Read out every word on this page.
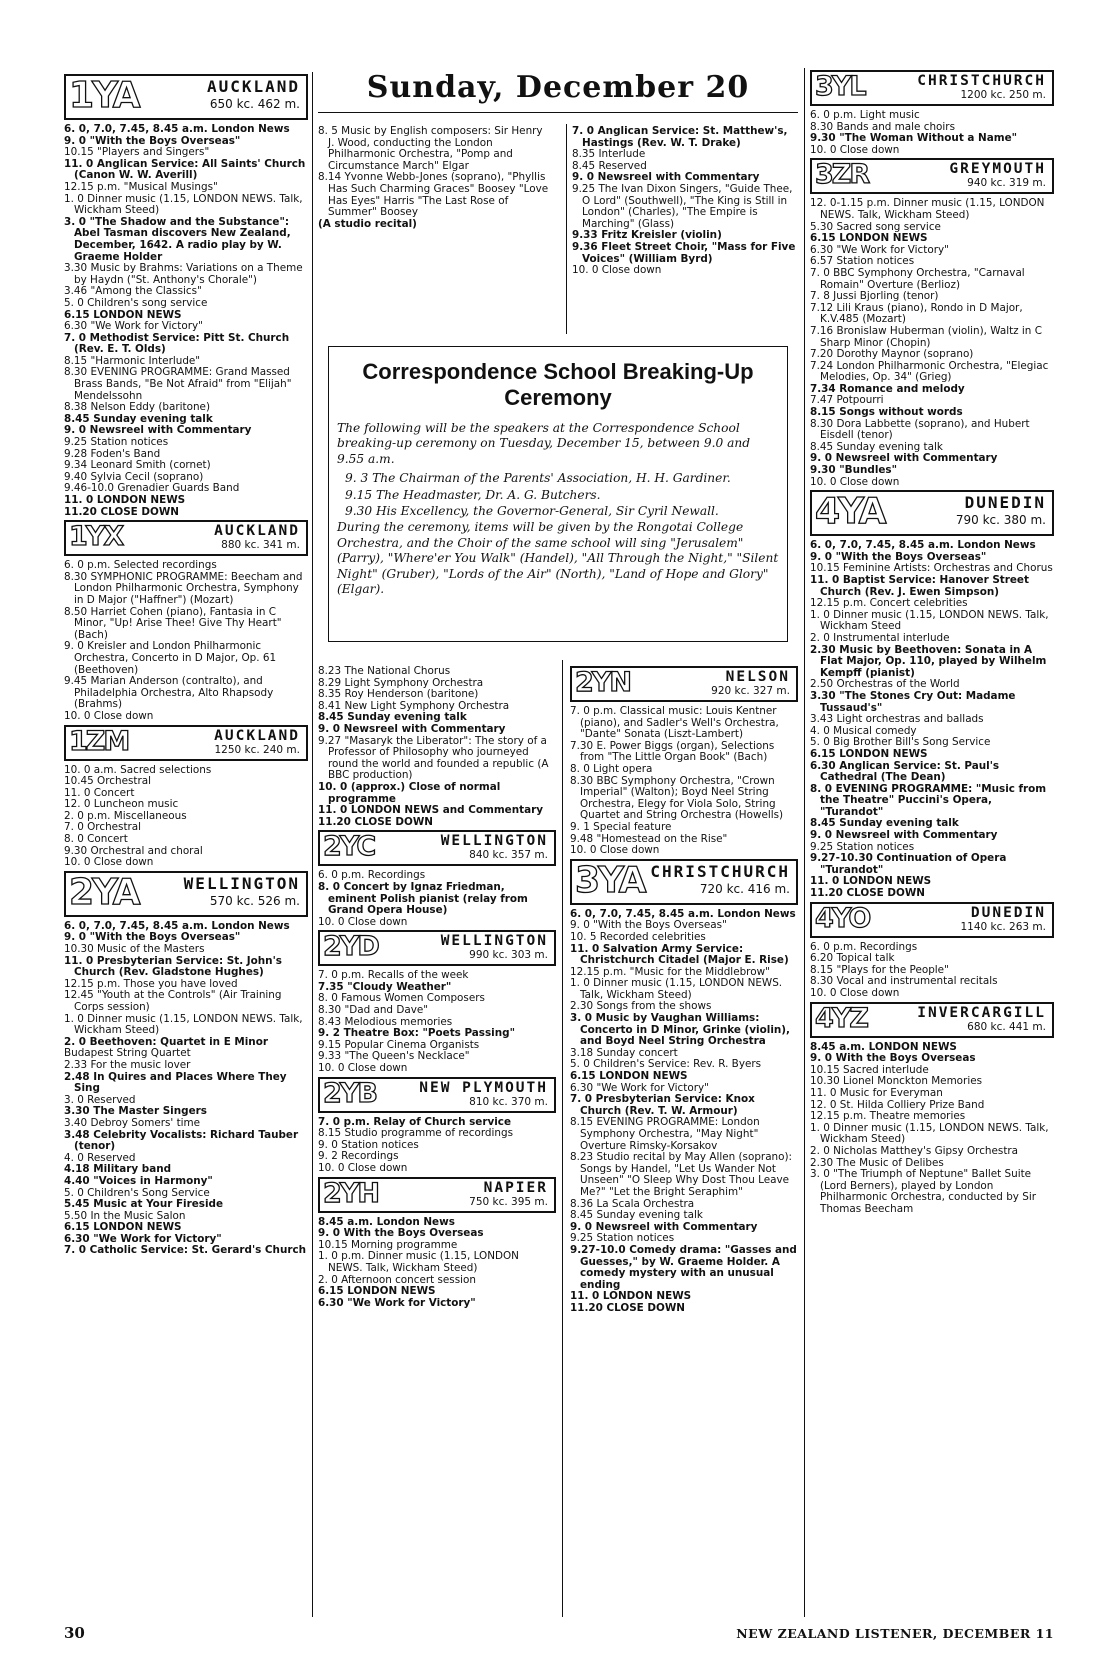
Sunday, December 20
1YA	AUCKLAND
650 kc. 462 m.

6. 0, 7.0, 7.45, 8.45 a.m. London News

9. 0 "With the Boys Overseas"

10.15 "Players and Singers"

11. 0 Anglican Service: All Saints' Church (Canon W. W. Averill)

12.15 p.m. "Musical Musings"

1. 0 Dinner music (1.15, LONDON NEWS. Talk, Wickham Steed)

3. 0 "The Shadow and the Substance": Abel Tasman discovers New Zealand, December, 1642. A radio play by W. Graeme Holder

3.30 Music by Brahms: Variations on a Theme by Haydn ("St. Anthony's Chorale")

3.46 "Among the Classics"

5. 0 Children's song service

6.15 LONDON NEWS

6.30 "We Work for Victory"

7. 0 Methodist Service: Pitt St. Church (Rev. E. T. Olds)

8.15 "Harmonic Interlude"

8.30 EVENING PROGRAMME: Grand Massed Brass Bands, "Be Not Afraid" from "Elijah" Mendelssohn

8.38 Nelson Eddy (baritone)

8.45 Sunday evening talk

9. 0 Newsreel with Commentary

9.25 Station notices

9.28 Foden's Band

9.34 Leonard Smith (cornet)

9.40 Sylvia Cecil (soprano)

9.46-10.0 Grenadier Guards Band

11. 0 LONDON NEWS

11.20 CLOSE DOWN

1YX	AUCKLAND
880 kc. 341 m.

6. 0 p.m. Selected recordings

8.30 SYMPHONIC PROGRAMME: Beecham and London Philharmonic Orchestra, Symphony in D Major ("Haffner") (Mozart)

8.50 Harriet Cohen (piano), Fantasia in C Minor, "Up! Arise Thee! Give Thy Heart" (Bach)

9. 0 Kreisler and London Philharmonic Orchestra, Concerto in D Major, Op. 61 (Beethoven)

9.45 Marian Anderson (contralto), and Philadelphia Orchestra, Alto Rhapsody (Brahms)

10. 0 Close down

1ZM	AUCKLAND
1250 kc. 240 m.

10. 0 a.m. Sacred selections

10.45 Orchestral

11. 0 Concert

12. 0 Luncheon music

2. 0 p.m. Miscellaneous

7. 0 Orchestral

8. 0 Concert

9.30 Orchestral and choral

10. 0 Close down

2YA	WELLINGTON
570 kc. 526 m.

6. 0, 7.0, 7.45, 8.45 a.m. London News

9. 0 "With the Boys Overseas"

10.30 Music of the Masters

11. 0 Presbyterian Service: St. John's Church (Rev. Gladstone Hughes)

12.15 p.m. Those you have loved

12.45 "Youth at the Controls" (Air Training Corps session)

1. 0 Dinner music (1.15, LONDON NEWS. Talk, Wickham Steed)

2. 0 Beethoven: Quartet in E Minor

Budapest String Quartet

2.33 For the music lover

2.48 In Quires and Places Where They Sing

3. 0 Reserved

3.30 The Master Singers

3.40 Debroy Somers' time

3.48 Celebrity Vocalists: Richard Tauber (tenor)

4. 0 Reserved

4.18 Military band

4.40 "Voices in Harmony"

5. 0 Children's Song Service

5.45 Music at Your Fireside

5.50 In the Music Salon

6.15 LONDON NEWS

6.30 "We Work for Victory"

7. 0 Catholic Service: St. Gerard's Church

8. 5 Music by English composers: Sir Henry J. Wood, conducting the London Philharmonic Orchestra, "Pomp and Circumstance March" Elgar

8.14 Yvonne Webb-Jones (soprano), "Phyllis Has Such Charming Graces" Boosey "Love Has Eyes" Harris "The Last Rose of Summer" Boosey

(A studio recital)

7. 0 Anglican Service: St. Matthew's, Hastings (Rev. W. T. Drake)

8.35 Interlude

8.45 Reserved

9. 0 Newsreel with Commentary

9.25 The Ivan Dixon Singers, "Guide Thee, O Lord" (Southwell), "The King is Still in London" (Charles), "The Empire is Marching" (Glass)

9.33 Fritz Kreisler (violin)

9.36 Fleet Street Choir, "Mass for Five Voices" (William Byrd)

10. 0 Close down

Correspondence School Breaking-Up Ceremony

The following will be the speakers at the Correspondence School breaking-up ceremony on Tuesday, December 15, between 9.0 and 9.55 a.m.

9. 3 The Chairman of the Parents' Association, H. H. Gardiner.

9.15 The Headmaster, Dr. A. G. Butchers.

9.30 His Excellency, the Governor-General, Sir Cyril Newall.

During the ceremony, items will be given by the Rongotai College Orchestra, and the Choir of the same school will sing "Jerusalem" (Parry), "Where'er You Walk" (Handel), "All Through the Night," "Silent Night" (Gruber), "Lords of the Air" (North), "Land of Hope and Glory" (Elgar).

8.23 The National Chorus

8.29 Light Symphony Orchestra

8.35 Roy Henderson (baritone)

8.41 New Light Symphony Orchestra

8.45 Sunday evening talk

9. 0 Newsreel with Commentary

9.27 "Masaryk the Liberator": The story of a Professor of Philosophy who journeyed round the world and founded a republic (A BBC production)

10. 0 (approx.) Close of normal programme

11. 0 LONDON NEWS and Commentary

11.20 CLOSE DOWN

2YC	WELLINGTON
840 kc. 357 m.

6. 0 p.m. Recordings

8. 0 Concert by Ignaz Friedman, eminent Polish pianist (relay from Grand Opera House)

10. 0 Close down

2YD	WELLINGTON
990 kc. 303 m.

7. 0 p.m. Recalls of the week

7.35 "Cloudy Weather"

8. 0 Famous Women Composers

8.30 "Dad and Dave"

8.43 Melodious memories

9. 2 Theatre Box: "Poets Passing"

9.15 Popular Cinema Organists

9.33 "The Queen's Necklace"

10. 0 Close down

2YB	NEW PLYMOUTH
810 kc. 370 m.

7. 0 p.m. Relay of Church service

8.15 Studio programme of recordings

9. 0 Station notices

9. 2 Recordings

10. 0 Close down

2YH	NAPIER
750 kc. 395 m.

8.45 a.m. London News

9. 0 With the Boys Overseas

10.15 Morning programme

1. 0 p.m. Dinner music (1.15, LONDON NEWS. Talk, Wickham Steed)

2. 0 Afternoon concert session

6.15 LONDON NEWS

6.30 "We Work for Victory"

2YN	NELSON
920 kc. 327 m.

7. 0 p.m. Classical music: Louis Kentner (piano), and Sadler's Well's Orchestra, "Dante" Sonata (Liszt-Lambert)

7.30 E. Power Biggs (organ), Selections from "The Little Organ Book" (Bach)

8. 0 Light opera

8.30 BBC Symphony Orchestra, "Crown Imperial" (Walton); Boyd Neel String Orchestra, Elegy for Viola Solo, String Quartet and String Orchestra (Howells)

9. 1 Special feature

9.48 "Homestead on the Rise"

10. 0 Close down

3YA CHRISTCHURCH
720 kc. 416 m.

6. 0, 7.0, 7.45, 8.45 a.m. London News

9. 0 "With the Boys Overseas"

10. 5 Recorded celebrities

11. 0 Salvation Army Service: Christchurch Citadel (Major E. Rise)

12.15 p.m. "Music for the Middlebrow"

1. 0 Dinner music (1.15, LONDON NEWS. Talk, Wickham Steed)

2.30 Songs from the shows

3. 0 Music by Vaughan Williams: Concerto in D Minor, Grinke (violin), and Boyd Neel String Orchestra

3.18 Sunday concert

5. 0 Children's Service: Rev. R. Byers

6.15 LONDON NEWS

6.30 "We Work for Victory"

7. 0 Presbyterian Service: Knox Church (Rev. T. W. Armour)

8.15 EVENING PROGRAMME: London Symphony Orchestra, "May Night" Overture Rimsky-Korsakov

8.23 Studio recital by May Allen (soprano): Songs by Handel, "Let Us Wander Not Unseen" "O Sleep Why Dost Thou Leave Me?" "Let the Bright Seraphim"

8.36 La Scala Orchestra

8.45 Sunday evening talk

9. 0 Newsreel with Commentary

9.25 Station notices

9.27-10.0 Comedy drama: "Gasses and Guesses," by W. Graeme Holder. A comedy mystery with an unusual ending

11. 0 LONDON NEWS

11.20 CLOSE DOWN

3YL	CHRISTCHURCH
1200 kc. 250 m.

6. 0 p.m. Light music

8.30 Bands and male choirs

9.30 "The Woman Without a Name"

10. 0 Close down

3ZR	GREYMOUTH
940 kc. 319 m.

12. 0-1.15 p.m. Dinner music (1.15, LONDON NEWS. Talk, Wickham Steed)

5.30 Sacred song service

6.15 LONDON NEWS

6.30 "We Work for Victory"

6.57 Station notices

7. 0 BBC Symphony Orchestra, "Carnaval Romain" Overture (Berlioz)

7. 8 Jussi Bjorling (tenor)

7.12 Lili Kraus (piano), Rondo in D Major, K.V.485 (Mozart)

7.16 Bronislaw Huberman (violin), Waltz in C Sharp Minor (Chopin)

7.20 Dorothy Maynor (soprano)

7.24 London Philharmonic Orchestra, "Elegiac Melodies, Op. 34" (Grieg)

7.34 Romance and melody

7.47 Potpourri

8.15 Songs without words

8.30 Dora Labbette (soprano), and Hubert Eisdell (tenor)

8.45 Sunday evening talk

9. 0 Newsreel with Commentary

9.30 "Bundles"

10. 0 Close down

4YA	DUNEDIN
790 kc. 380 m.

6. 0, 7.0, 7.45, 8.45 a.m. London News

9. 0 "With the Boys Overseas"

10.15 Feminine Artists: Orchestras and Chorus

11. 0 Baptist Service: Hanover Street Church (Rev. J. Ewen Simpson)

12.15 p.m. Concert celebrities

1. 0 Dinner music (1.15, LONDON NEWS. Talk, Wickham Steed

2. 0 Instrumental interlude

2.30 Music by Beethoven: Sonata in A Flat Major, Op. 110, played by Wilhelm Kempff (pianist)

2.50 Orchestras of the World

3.30 "The Stones Cry Out: Madame Tussaud's"

3.43 Light orchestras and ballads

4. 0 Musical comedy

5. 0 Big Brother Bill's Song Service

6.15 LONDON NEWS

6.30 Anglican Service: St. Paul's Cathedral (The Dean)

8. 0 EVENING PROGRAMME: "Music from the Theatre" Puccini's Opera, "Turandot"

8.45 Sunday evening talk

9. 0 Newsreel with Commentary

9.25 Station notices

9.27-10.30 Continuation of Opera "Turandot"

11. 0 LONDON NEWS

11.20 CLOSE DOWN

4YO	DUNEDIN
1140 kc. 263 m.

6. 0 p.m. Recordings

6.20 Topical talk

8.15 "Plays for the People"

8.30 Vocal and instrumental recitals

10. 0 Close down

4YZ	INVERCARGILL
680 kc. 441 m.

8.45 a.m. LONDON NEWS

9. 0 With the Boys Overseas

10.15 Sacred interlude

10.30 Lionel Monckton Memories

11. 0 Music for Everyman

12. 0 St. Hilda Colliery Prize Band

12.15 p.m. Theatre memories

1. 0 Dinner music (1.15, LONDON NEWS. Talk, Wickham Steed)

2. 0 Nicholas Matthey's Gipsy Orchestra

2.30 The Music of Delibes

3. 0 "The Triumph of Neptune" Ballet Suite (Lord Berners), played by London Philharmonic Orchestra, conducted by Sir Thomas Beecham

30	NEW ZEALAND LISTENER, DECEMBER 11
